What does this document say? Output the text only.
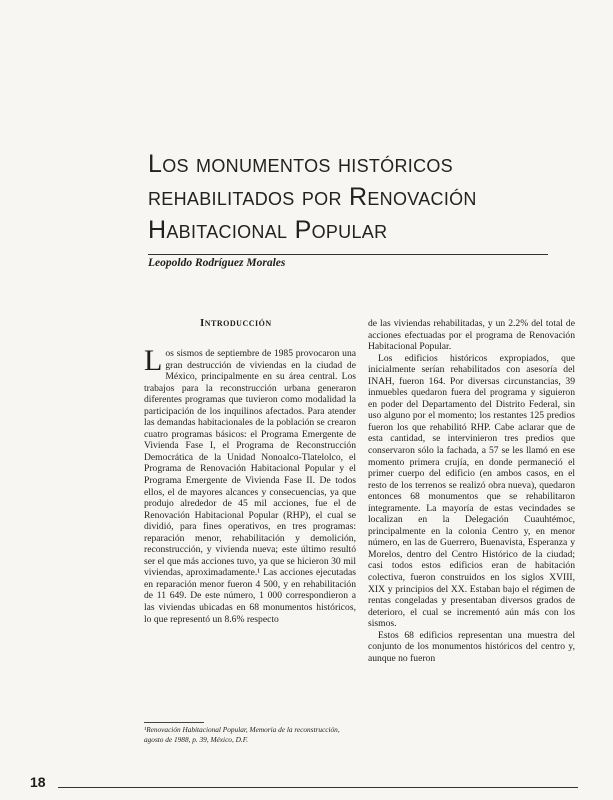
Los monumentos históricos
rehabilitados por Renovación
Habitacional Popular
Leopoldo Rodríguez Morales
Introducción

Los sismos de septiembre de 1985 provocaron una gran destrucción de viviendas en la ciudad de México, principalmente en su área central. Los trabajos para la reconstrucción urbana generaron diferentes programas que tuvieron como modalidad la participación de los inquilinos afectados. Para atender las demandas habitacionales de la población se crearon cuatro programas básicos: el Programa Emergente de Vivienda Fase I, el Programa de Reconstrucción Democrática de la Unidad Nonoalco-Tlatelolco, el Programa de Renovación Habitacional Popular y el Programa Emergente de Vivienda Fase II. De todos ellos, el de mayores alcances y consecuencias, ya que produjo alrededor de 45 mil acciones, fue el de Renovación Habitacional Popular (RHP), el cual se dividió, para fines operativos, en tres programas: reparación menor, rehabilitación y demolición, reconstrucción, y vivienda nueva; este último resultó ser el que más acciones tuvo, ya que se hicieron 30 mil viviendas, aproximadamente.¹ Las acciones ejecutadas en reparación menor fueron 4 500, y en rehabilitación de 11 649. De este número, 1 000 correspondieron a las viviendas ubicadas en 68 monumentos históricos, lo que representó un 8.6% respecto

de las viviendas rehabilitadas, y un 2.2% del total de acciones efectuadas por el programa de Renovación Habitacional Popular.

Los edificios históricos expropiados, que inicialmente serían rehabilitados con asesoría del INAH, fueron 164. Por diversas circunstancias, 39 inmuebles quedaron fuera del programa y siguieron en poder del Departamento del Distrito Federal, sin uso alguno por el momento; los restantes 125 predios fueron los que rehabilitó RHP. Cabe aclarar que de esta cantidad, se intervinieron tres predios que conservaron sólo la fachada, a 57 se les llamó en ese momento primera crujía, en donde permaneció el primer cuerpo del edificio (en ambos casos, en el resto de los terrenos se realizó obra nueva), quedaron entonces 68 monumentos que se rehabilitaron íntegramente. La mayoría de estas vecindades se localizan en la Delegación Cuauhtémoc, principalmente en la colonia Centro y, en menor número, en las de Guerrero, Buenavista, Esperanza y Morelos, dentro del Centro Histórico de la ciudad; casi todos estos edificios eran de habitación colectiva, fueron construidos en los siglos XVIII, XIX y principios del XX. Estaban bajo el régimen de rentas congeladas y presentaban diversos grados de deterioro, el cual se incrementó aún más con los sismos.

Estos 68 edificios representan una muestra del conjunto de los monumentos históricos del centro y, aunque no fueron

¹Renovación Habitacional Popular, Memoria de la reconstrucción, agosto de 1988, p. 39, México, D.F.
18
